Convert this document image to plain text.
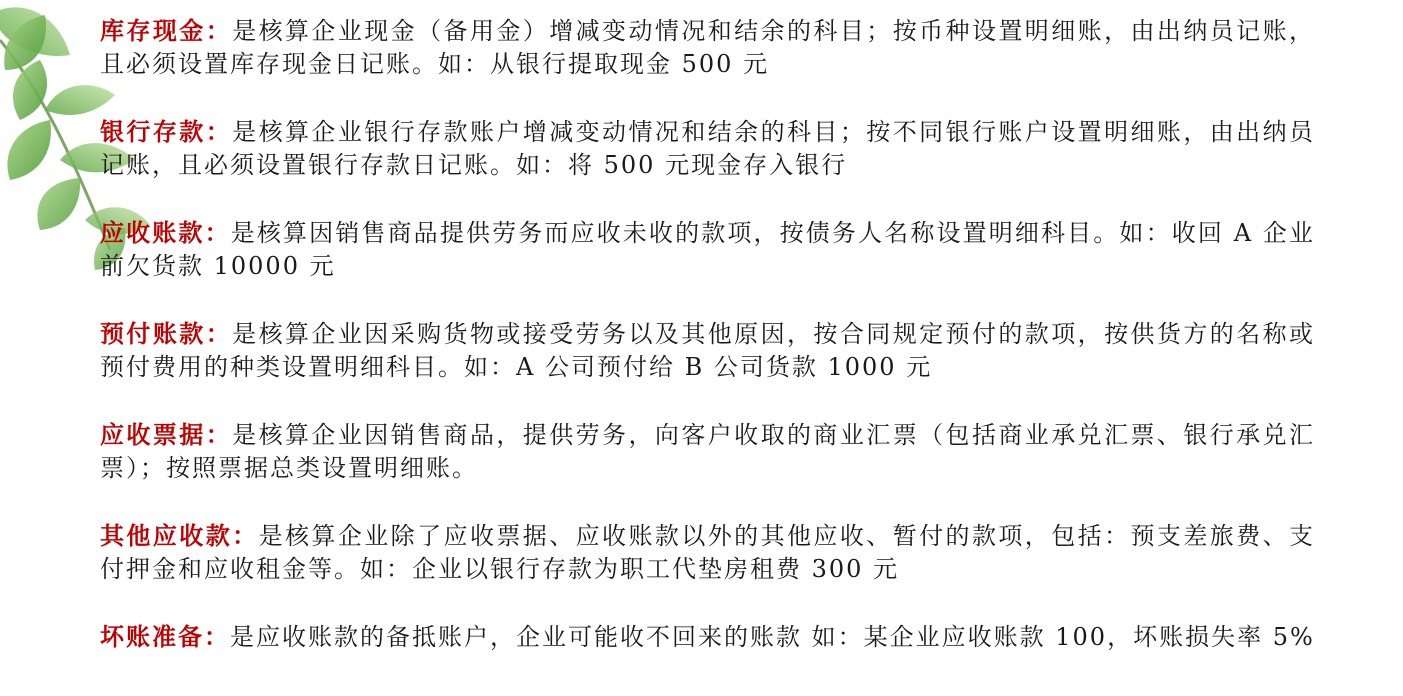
库存现金：是核算企业现金（备用金）增减变动情况和结余的科目；按币种设置明细账，由出纳员记账，且必须设置库存现金日记账。如：从银行提取现金 500 元

银行存款：是核算企业银行存款账户增减变动情况和结余的科目；按不同银行账户设置明细账，由出纳员记账，且必须设置银行存款日记账。如：将 500 元现金存入银行

应收账款：是核算因销售商品提供劳务而应收未收的款项，按债务人名称设置明细科目。如：收回 A 企业前欠货款 10000 元

预付账款：是核算企业因采购货物或接受劳务以及其他原因，按合同规定预付的款项，按供货方的名称或预付费用的种类设置明细科目。如：A 公司预付给 B 公司货款 1000 元

应收票据：是核算企业因销售商品，提供劳务，向客户收取的商业汇票（包括商业承兑汇票、银行承兑汇票）；按照票据总类设置明细账。

其他应收款：是核算企业除了应收票据、应收账款以外的其他应收、暂付的款项，包括：预支差旅费、支付押金和应收租金等。如：企业以银行存款为职工代垫房租费 300 元

坏账准备：是应收账款的备抵账户，企业可能收不回来的账款 如：某企业应收账款 100，坏账损失率 5%
